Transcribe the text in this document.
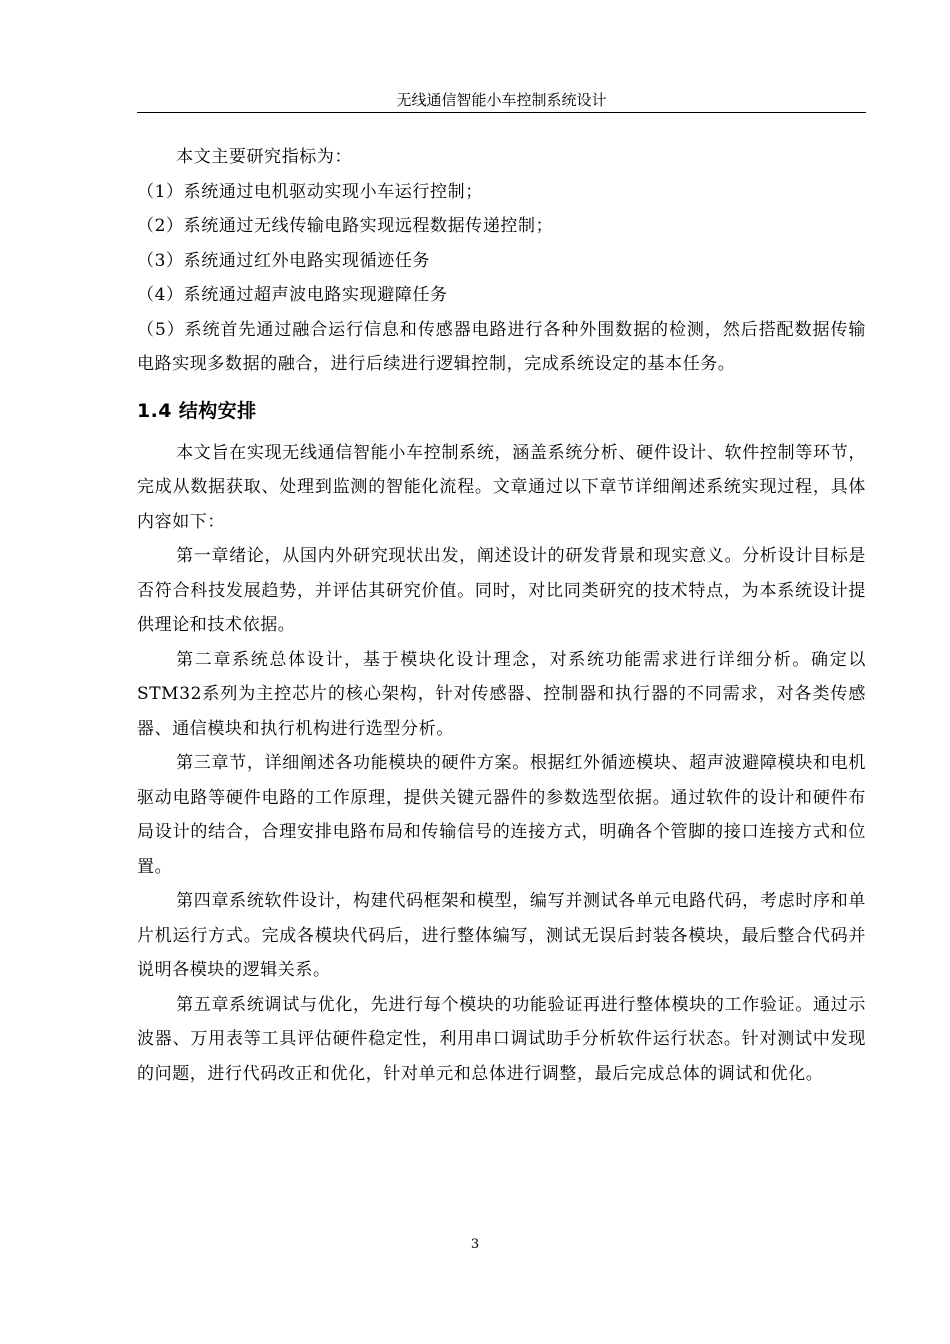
无线通信智能小车控制系统设计

本文主要研究指标为：

（1）系统通过电机驱动实现小车运行控制；

（2）系统通过无线传输电路实现远程数据传递控制；

（3）系统通过红外电路实现循迹任务

（4）系统通过超声波电路实现避障任务

（5）系统首先通过融合运行信息和传感器电路进行各种外围数据的检测，然后搭配数据传输电路实现多数据的融合，进行后续进行逻辑控制，完成系统设定的基本任务。

1.4 结构安排

本文旨在实现无线通信智能小车控制系统，涵盖系统分析、硬件设计、软件控制等环节，完成从数据获取、处理到监测的智能化流程。文章通过以下章节详细阐述系统实现过程，具体内容如下：

第一章绪论，从国内外研究现状出发，阐述设计的研发背景和现实意义。分析设计目标是否符合科技发展趋势，并评估其研究价值。同时，对比同类研究的技术特点，为本系统设计提供理论和技术依据。

第二章系统总体设计，基于模块化设计理念，对系统功能需求进行详细分析。确定以STM32系列为主控芯片的核心架构，针对传感器、控制器和执行器的不同需求，对各类传感器、通信模块和执行机构进行选型分析。

第三章节，详细阐述各功能模块的硬件方案。根据红外循迹模块、超声波避障模块和电机驱动电路等硬件电路的工作原理，提供关键元器件的参数选型依据。通过软件的设计和硬件布局设计的结合，合理安排电路布局和传输信号的连接方式，明确各个管脚的接口连接方式和位置。

第四章系统软件设计，构建代码框架和模型，编写并测试各单元电路代码，考虑时序和单片机运行方式。完成各模块代码后，进行整体编写，测试无误后封装各模块，最后整合代码并说明各模块的逻辑关系。

第五章系统调试与优化，先进行每个模块的功能验证再进行整体模块的工作验证。通过示波器、万用表等工具评估硬件稳定性，利用串口调试助手分析软件运行状态。针对测试中发现的问题，进行代码改正和优化，针对单元和总体进行调整，最后完成总体的调试和优化。

3
